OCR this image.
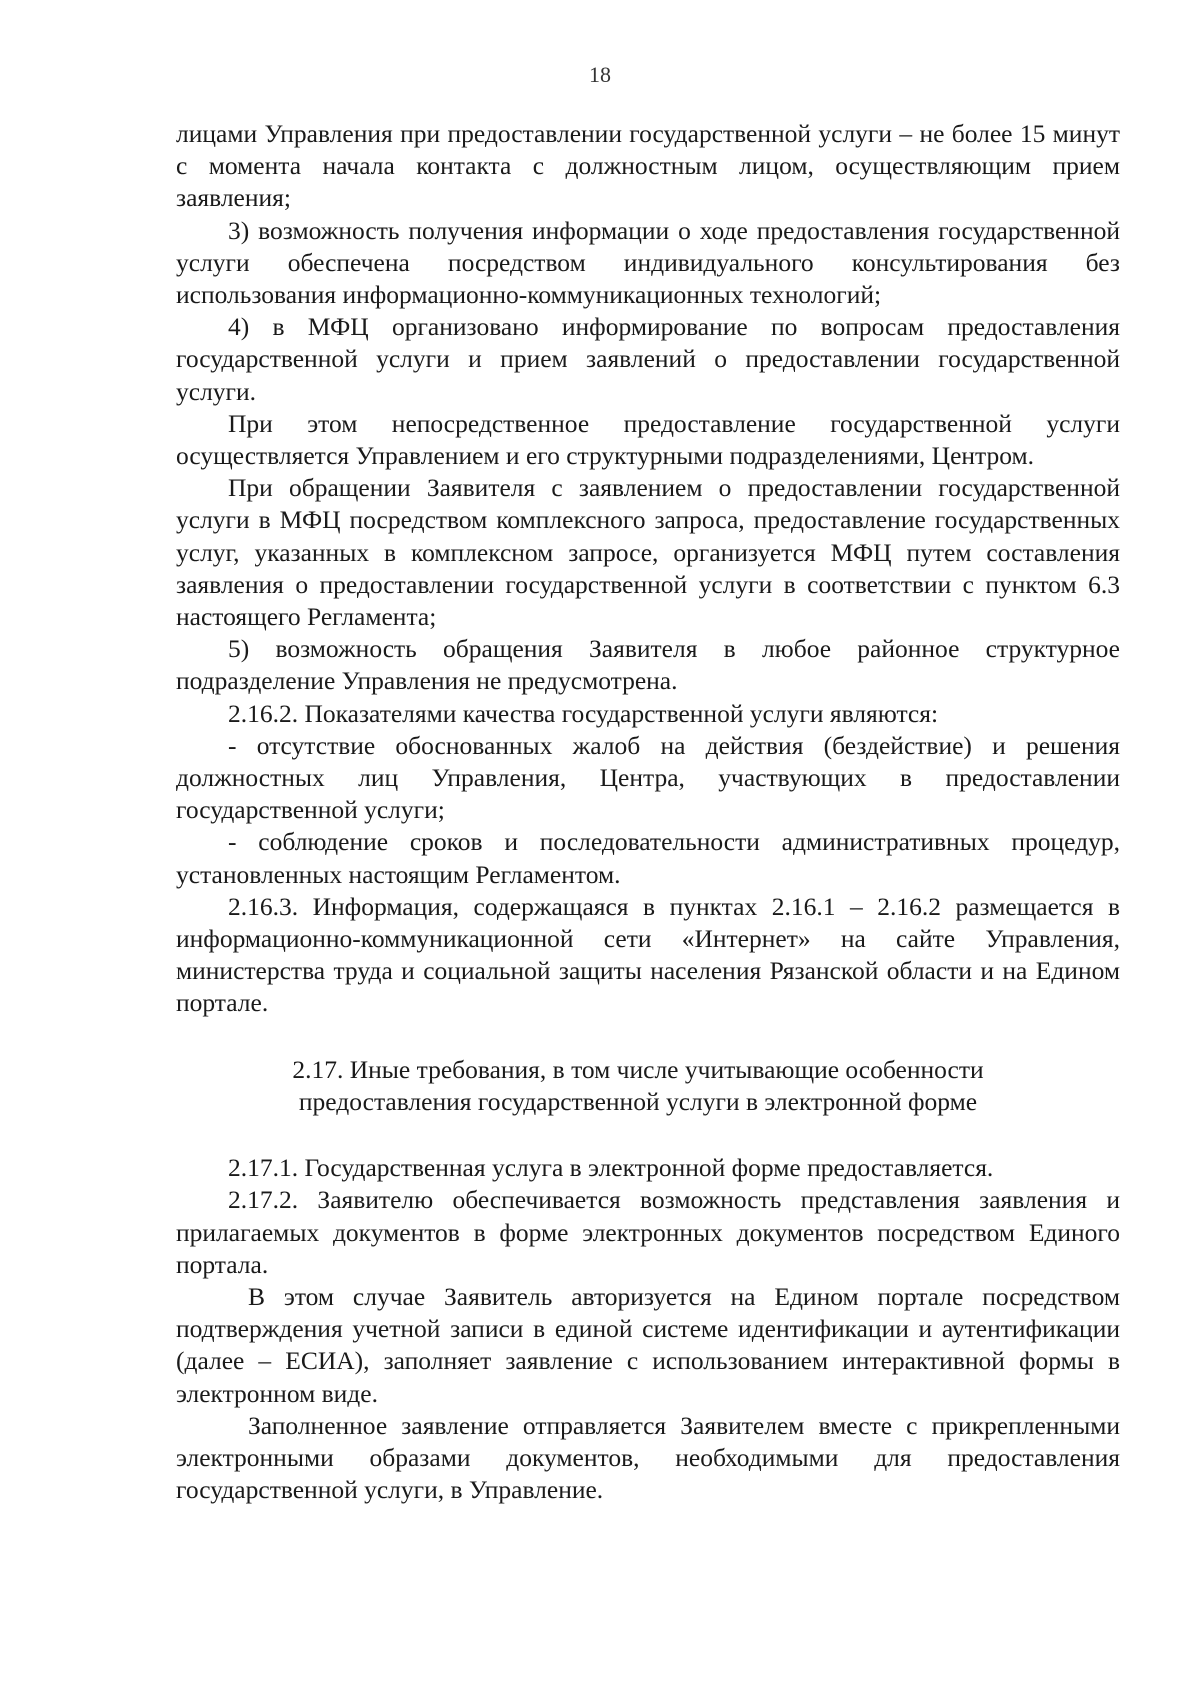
18

лицами Управления при предоставлении государственной услуги – не более 15 минут с момента начала контакта с должностным лицом, осуществляющим прием заявления;

3) возможность получения информации о ходе предоставления государственной услуги обеспечена посредством индивидуального консультирования без использования информационно-коммуникационных технологий;

4) в МФЦ организовано информирование по вопросам предоставления государственной услуги и прием заявлений о предоставлении государственной услуги.

При этом непосредственное предоставление государственной услуги осуществляется Управлением и его структурными подразделениями, Центром.

При обращении Заявителя с заявлением о предоставлении государственной услуги в МФЦ посредством комплексного запроса, предоставление государственных услуг, указанных в комплексном запросе, организуется МФЦ путем составления заявления о предоставлении государственной услуги в соответствии с пунктом 6.3 настоящего Регламента;

5) возможность обращения Заявителя в любое районное структурное подразделение Управления не предусмотрена.

2.16.2. Показателями качества государственной услуги являются:

- отсутствие обоснованных жалоб на действия (бездействие) и решения должностных лиц Управления, Центра, участвующих в предоставлении государственной услуги;

- соблюдение сроков и последовательности административных процедур, установленных настоящим Регламентом.

2.16.3. Информация, содержащаяся в пунктах 2.16.1 – 2.16.2 размещается в информационно-коммуникационной сети «Интернет» на сайте Управления, министерства труда и социальной защиты населения Рязанской области и на Едином портале.

2.17. Иные требования, в том числе учитывающие особенности предоставления государственной услуги в электронной форме

2.17.1. Государственная услуга в электронной форме предоставляется.

2.17.2. Заявителю обеспечивается возможность представления заявления и прилагаемых документов в форме электронных документов посредством Единого портала.

В этом случае Заявитель авторизуется на Едином портале посредством подтверждения учетной записи в единой системе идентификации и аутентификации (далее – ЕСИА), заполняет заявление с использованием интерактивной формы в электронном виде.

Заполненное заявление отправляется Заявителем вместе с прикрепленными электронными образами документов, необходимыми для предоставления государственной услуги, в Управление.
